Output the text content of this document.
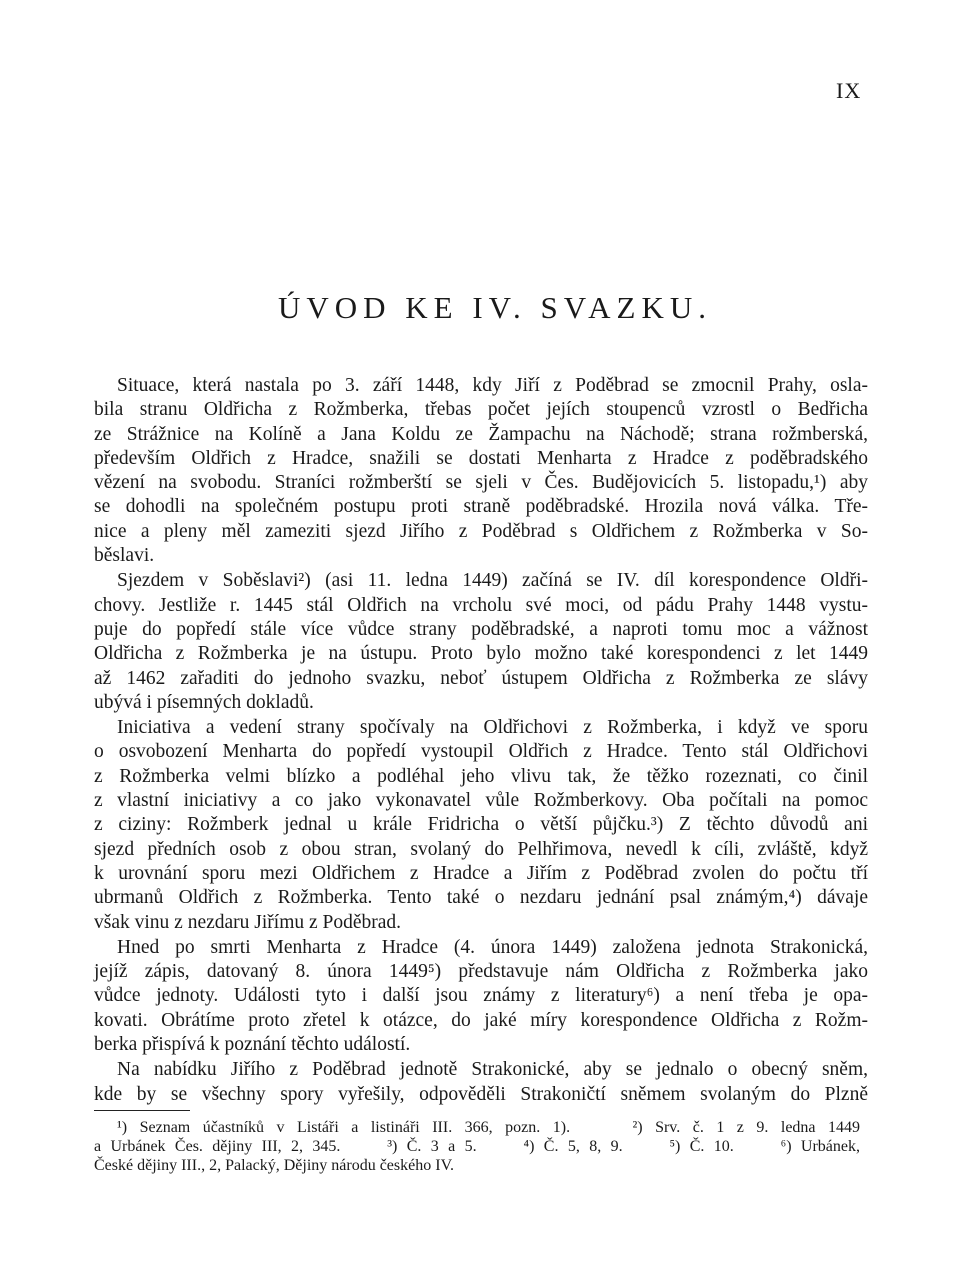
IX
ÚVOD KE IV. SVAZKU.

Situace, která nastala po 3. září 1448, kdy Jiří z Poděbrad se zmocnil Prahy, osla-
bila stranu Oldřicha z Rožmberka, třebas počet jejích stoupenců vzrostl o Bedřicha
ze Strážnice na Kolíně a Jana Koldu ze Žampachu na Náchodě; strana rožmberská,
především Oldřich z Hradce, snažili se dostati Menharta z Hradce z poděbradského
vězení na svobodu. Straníci rožmberští se sjeli v Čes. Budějovicích 5. listopadu,¹) aby
se dohodli na společném postupu proti straně poděbradské. Hrozila nová válka. Tře-
nice a pleny měl zameziti sjezd Jiřího z Poděbrad s Oldřichem z Rožmberka v So-
běslavi.

Sjezdem v Soběslavi²) (asi 11. ledna 1449) začíná se IV. díl korespondence Oldři-
chovy. Jestliže r. 1445 stál Oldřich na vrcholu své moci, od pádu Prahy 1448 vystu-
puje do popředí stále více vůdce strany poděbradské, a naproti tomu moc a vážnost
Oldřicha z Rožmberka je na ústupu. Proto bylo možno také korespondenci z let 1449
až 1462 zařaditi do jednoho svazku, neboť ústupem Oldřicha z Rožmberka ze slávy
ubývá i písemných dokladů.

Iniciativa a vedení strany spočívaly na Oldřichovi z Rožmberka, i když ve sporu
o osvobození Menharta do popředí vystoupil Oldřich z Hradce. Tento stál Oldřichovi
z Rožmberka velmi blízko a podléhal jeho vlivu tak, že těžko rozeznati, co činil
z vlastní iniciativy a co jako vykonavatel vůle Rožmberkovy. Oba počítali na pomoc
z ciziny: Rožmberk jednal u krále Fridricha o větší půjčku.³) Z těchto důvodů ani
sjezd předních osob z obou stran, svolaný do Pelhřimova, nevedl k cíli, zvláště, když
k urovnání sporu mezi Oldřichem z Hradce a Jiřím z Poděbrad zvolen do počtu tří
ubrmanů Oldřich z Rožmberka. Tento také o nezdaru jednání psal známým,⁴) dávaje
však vinu z nezdaru Jiřímu z Poděbrad.

Hned po smrti Menharta z Hradce (4. února 1449) založena jednota Strakonická,
jejíž zápis, datovaný 8. února 1449⁵) představuje nám Oldřicha z Rožmberka jako
vůdce jednoty. Události tyto i další jsou známy z literatury⁶) a není třeba je opa-
kovati. Obrátíme proto zřetel k otázce, do jaké míry korespondence Oldřicha z Rožm-
berka přispívá k poznání těchto událostí.

Na nabídku Jiřího z Poděbrad jednotě Strakonické, aby se jednalo o obecný sněm,
kde by se všechny spory vyřešily, odpověděli Strakoničtí sněmem svolaným do Plzně

¹) Seznam účastníků v Listáři a listináři III. 366, pozn. 1).     ²) Srv. č. 1 z 9. ledna 1449
a Urbánek Čes. dějiny III, 2, 345.     ³) Č. 3 a 5.     ⁴) Č. 5, 8, 9.     ⁵) Č. 10.     ⁶) Urbánek,
České dějiny III., 2, Palacký, Dějiny národu českého IV.
